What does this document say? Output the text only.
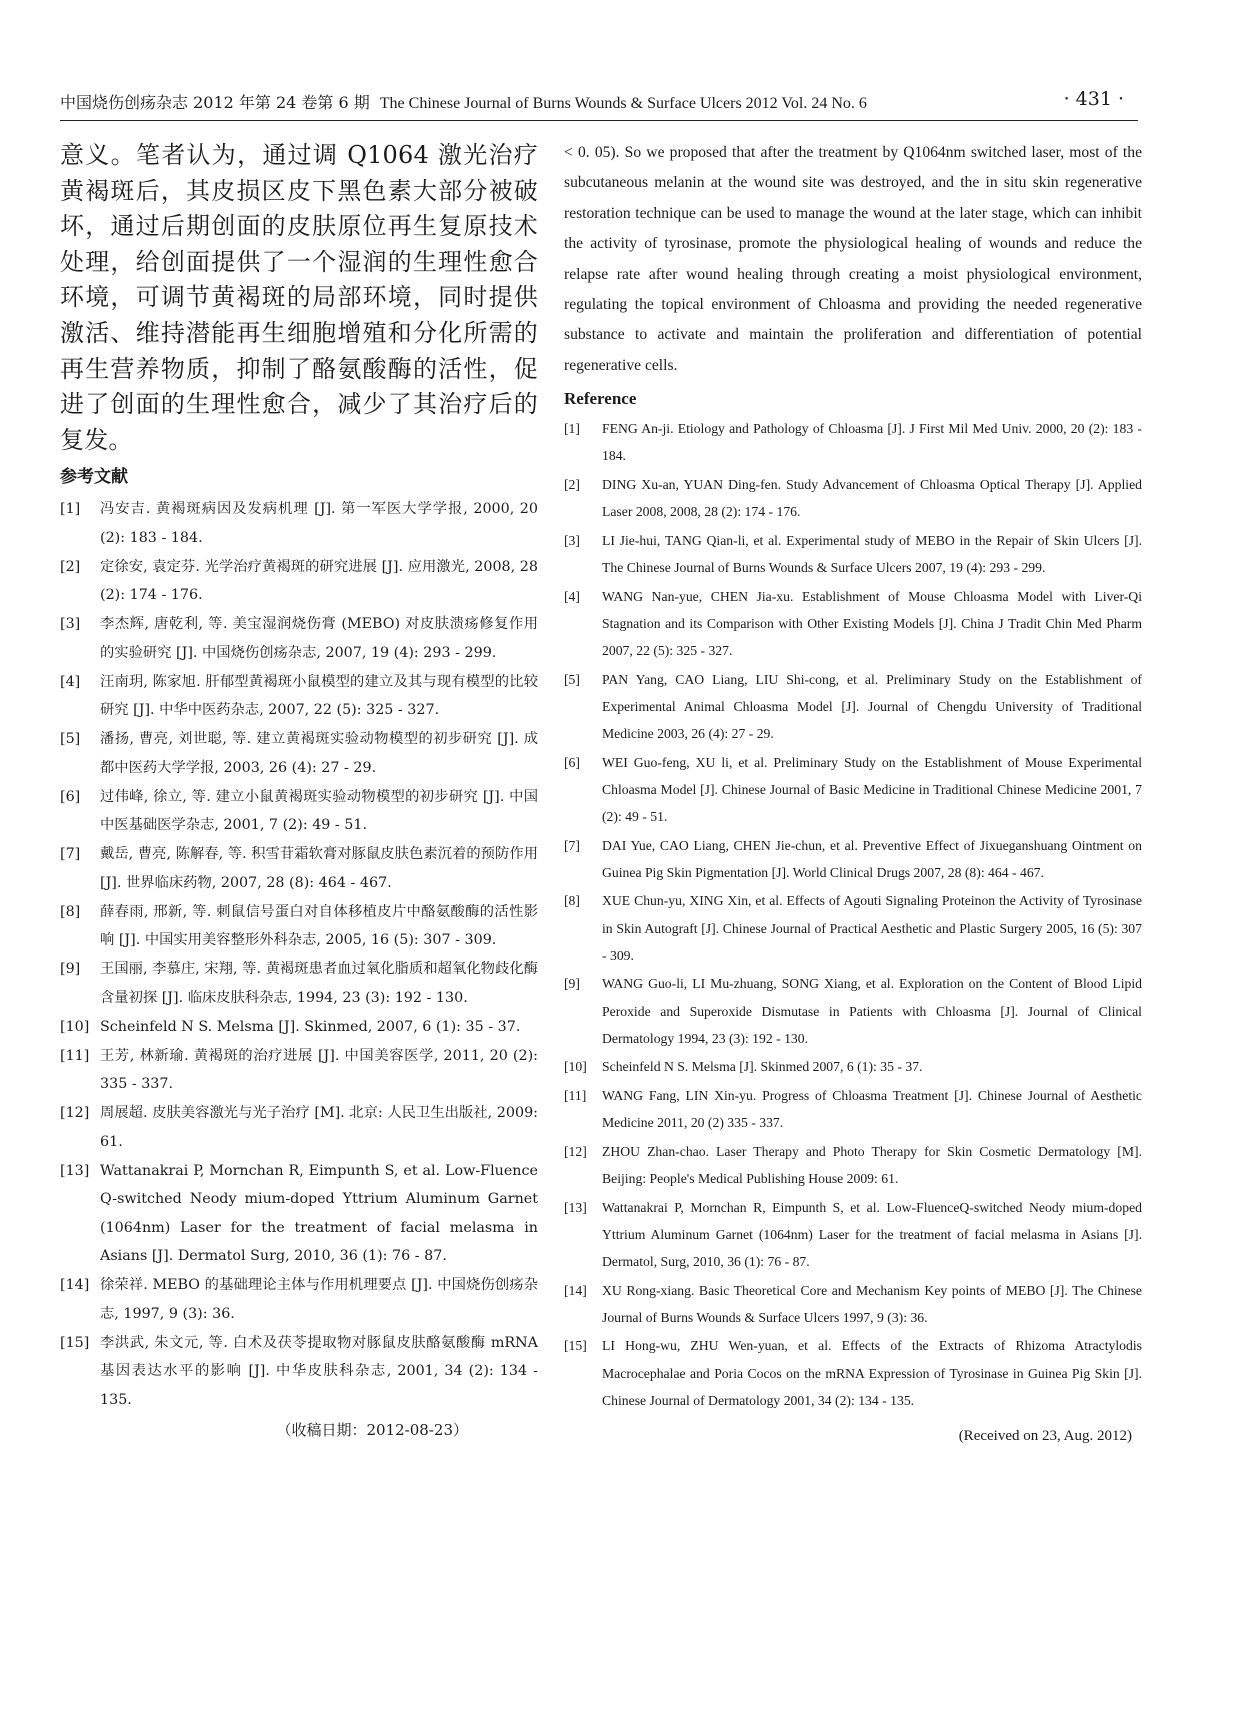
中国烧伤创疡杂志 2012 年第 24 卷第 6 期 The Chinese Journal of Burns Wounds & Surface Ulcers 2012 Vol. 24 No. 6	· 431 ·

意义。笔者认为，通过调 Q1064 激光治疗黄褐斑后，其皮损区皮下黑色素大部分被破坏，通过后期创面的皮肤原位再生复原技术处理，给创面提供了一个湿润的生理性愈合环境，可调节黄褐斑的局部环境，同时提供激活、维持潜能再生细胞增殖和分化所需的再生营养物质，抑制了酪氨酸酶的活性，促进了创面的生理性愈合，减少了其治疗后的复发。

参考文献
[1]	冯安吉. 黄褐斑病因及发病机理 [J]. 第一军医大学学报, 2000, 20 (2): 183 - 184.
[2]	定徐安, 袁定芬. 光学治疗黄褐斑的研究进展 [J]. 应用激光, 2008, 28 (2): 174 - 176.
[3]	李杰辉, 唐乾利, 等. 美宝湿润烧伤膏 (MEBO) 对皮肤溃疡修复作用的实验研究 [J]. 中国烧伤创疡杂志, 2007, 19 (4): 293 - 299.
[4]	汪南玥, 陈家旭. 肝郁型黄褐斑小鼠模型的建立及其与现有模型的比较研究 [J]. 中华中医药杂志, 2007, 22 (5): 325 - 327.
[5]	潘扬, 曹亮, 刘世聪, 等. 建立黄褐斑实验动物模型的初步研究 [J]. 成都中医药大学学报, 2003, 26 (4): 27 - 29.
[6]	过伟峰, 徐立, 等. 建立小鼠黄褐斑实验动物模型的初步研究 [J]. 中国中医基础医学杂志, 2001, 7 (2): 49 - 51.
[7]	戴岳, 曹亮, 陈解春, 等. 积雪苷霜软膏对豚鼠皮肤色素沉着的预防作用 [J]. 世界临床药物, 2007, 28 (8): 464 - 467.
[8]	薛春雨, 邢新, 等. 刺鼠信号蛋白对自体移植皮片中酪氨酸酶的活性影响 [J]. 中国实用美容整形外科杂志, 2005, 16 (5): 307 - 309.
[9]	王国丽, 李慕庄, 宋翔, 等. 黄褐斑患者血过氧化脂质和超氧化物歧化酶含量初探 [J]. 临床皮肤科杂志, 1994, 23 (3): 192 - 130.
[10] Scheinfeld N S. Melsma [J]. Skinmed, 2007, 6 (1): 35 - 37.
[11] 王芳, 林新瑜. 黄褐斑的治疗进展 [J]. 中国美容医学, 2011, 20 (2): 335 - 337.
[12] 周展超. 皮肤美容激光与光子治疗 [M]. 北京: 人民卫生出版社, 2009: 61.
[13] Wattanakrai P, Mornchan R, Eimpunth S, et al. Low-Fluence Q-switched Neody mium-doped Yttrium Aluminum Garnet (1064nm) Laser for the treatment of facial melasma in Asians [J]. Dermatol Surg, 2010, 36 (1): 76 - 87.
[14] 徐荣祥. MEBO 的基础理论主体与作用机理要点 [J]. 中国烧伤创疡杂志, 1997, 9 (3): 36.
[15] 李洪武, 朱文元, 等. 白术及茯苓提取物对豚鼠皮肤酪氨酸酶 mRNA 基因表达水平的影响 [J]. 中华皮肤科杂志, 2001, 34 (2): 134 - 135.
（收稿日期：2012-08-23）

< 0. 05). So we proposed that after the treatment by Q1064nm switched laser, most of the subcutaneous melanin at the wound site was destroyed, and the in situ skin regenerative restoration technique can be used to manage the wound at the later stage, which can inhibit the activity of tyrosinase, promote the physiological healing of wounds and reduce the relapse rate after wound healing through creating a moist physiological environment, regulating the topical environment of Chloasma and providing the needed regenerative substance to activate and maintain the proliferation and differentiation of potential regenerative cells.

Reference
[1]	FENG An-ji. Etiology and Pathology of Chloasma [J]. J First Mil Med Univ. 2000, 20 (2): 183 - 184.
[2]	DING Xu-an, YUAN Ding-fen. Study Advancement of Chloasma Optical Therapy [J]. Applied Laser 2008, 2008, 28 (2): 174 - 176.
[3]	LI Jie-hui, TANG Qian-li, et al. Experimental study of MEBO in the Repair of Skin Ulcers [J]. The Chinese Journal of Burns Wounds & Surface Ulcers 2007, 19 (4): 293 - 299.
[4]	WANG Nan-yue, CHEN Jia-xu. Establishment of Mouse Chloasma Model with Liver-Qi Stagnation and its Comparison with Other Existing Models [J]. China J Tradit Chin Med Pharm 2007, 22 (5): 325 - 327.
[5]	PAN Yang, CAO Liang, LIU Shi-cong, et al. Preliminary Study on the Establishment of Experimental Animal Chloasma Model [J]. Journal of Chengdu University of Traditional Medicine 2003, 26 (4): 27 - 29.
[6]	WEI Guo-feng, XU li, et al. Preliminary Study on the Establishment of Mouse Experimental Chloasma Model [J]. Chinese Journal of Basic Medicine in Traditional Chinese Medicine 2001, 7 (2): 49 - 51.
[7]	DAI Yue, CAO Liang, CHEN Jie-chun, et al. Preventive Effect of Jixueganshuang Ointment on Guinea Pig Skin Pigmentation [J]. World Clinical Drugs 2007, 28 (8): 464 - 467.
[8]	XUE Chun-yu, XING Xin, et al. Effects of Agouti Signaling Proteinon the Activity of Tyrosinase in Skin Autograft [J]. Chinese Journal of Practical Aesthetic and Plastic Surgery 2005, 16 (5): 307 - 309.
[9]	WANG Guo-li, LI Mu-zhuang, SONG Xiang, et al. Exploration on the Content of Blood Lipid Peroxide and Superoxide Dismutase in Patients with Chloasma [J]. Journal of Clinical Dermatology 1994, 23 (3): 192 - 130.
[10]	Scheinfeld N S. Melsma [J]. Skinmed 2007, 6 (1): 35 - 37.
[11]	WANG Fang, LIN Xin-yu. Progress of Chloasma Treatment [J]. Chinese Journal of Aesthetic Medicine 2011, 20 (2) 335 - 337.
[12]	ZHOU Zhan-chao. Laser Therapy and Photo Therapy for Skin Cosmetic Dermatology [M]. Beijing: People's Medical Publishing House 2009: 61.
[13]	Wattanakrai P, Mornchan R, Eimpunth S, et al. Low-FluenceQ-switched Neody mium-doped Yttrium Aluminum Garnet (1064nm) Laser for the treatment of facial melasma in Asians [J]. Dermatol, Surg, 2010, 36 (1): 76 - 87.
[14]	XU Rong-xiang. Basic Theoretical Core and Mechanism Key points of MEBO [J]. The Chinese Journal of Burns Wounds & Surface Ulcers 1997, 9 (3): 36.
[15]	LI Hong-wu, ZHU Wen-yuan, et al. Effects of the Extracts of Rhizoma Atractylodis Macrocephalae and Poria Cocos on the mRNA Expression of Tyrosinase in Guinea Pig Skin [J]. Chinese Journal of Dermatology 2001, 34 (2): 134 - 135.
(Received on 23, Aug. 2012)
